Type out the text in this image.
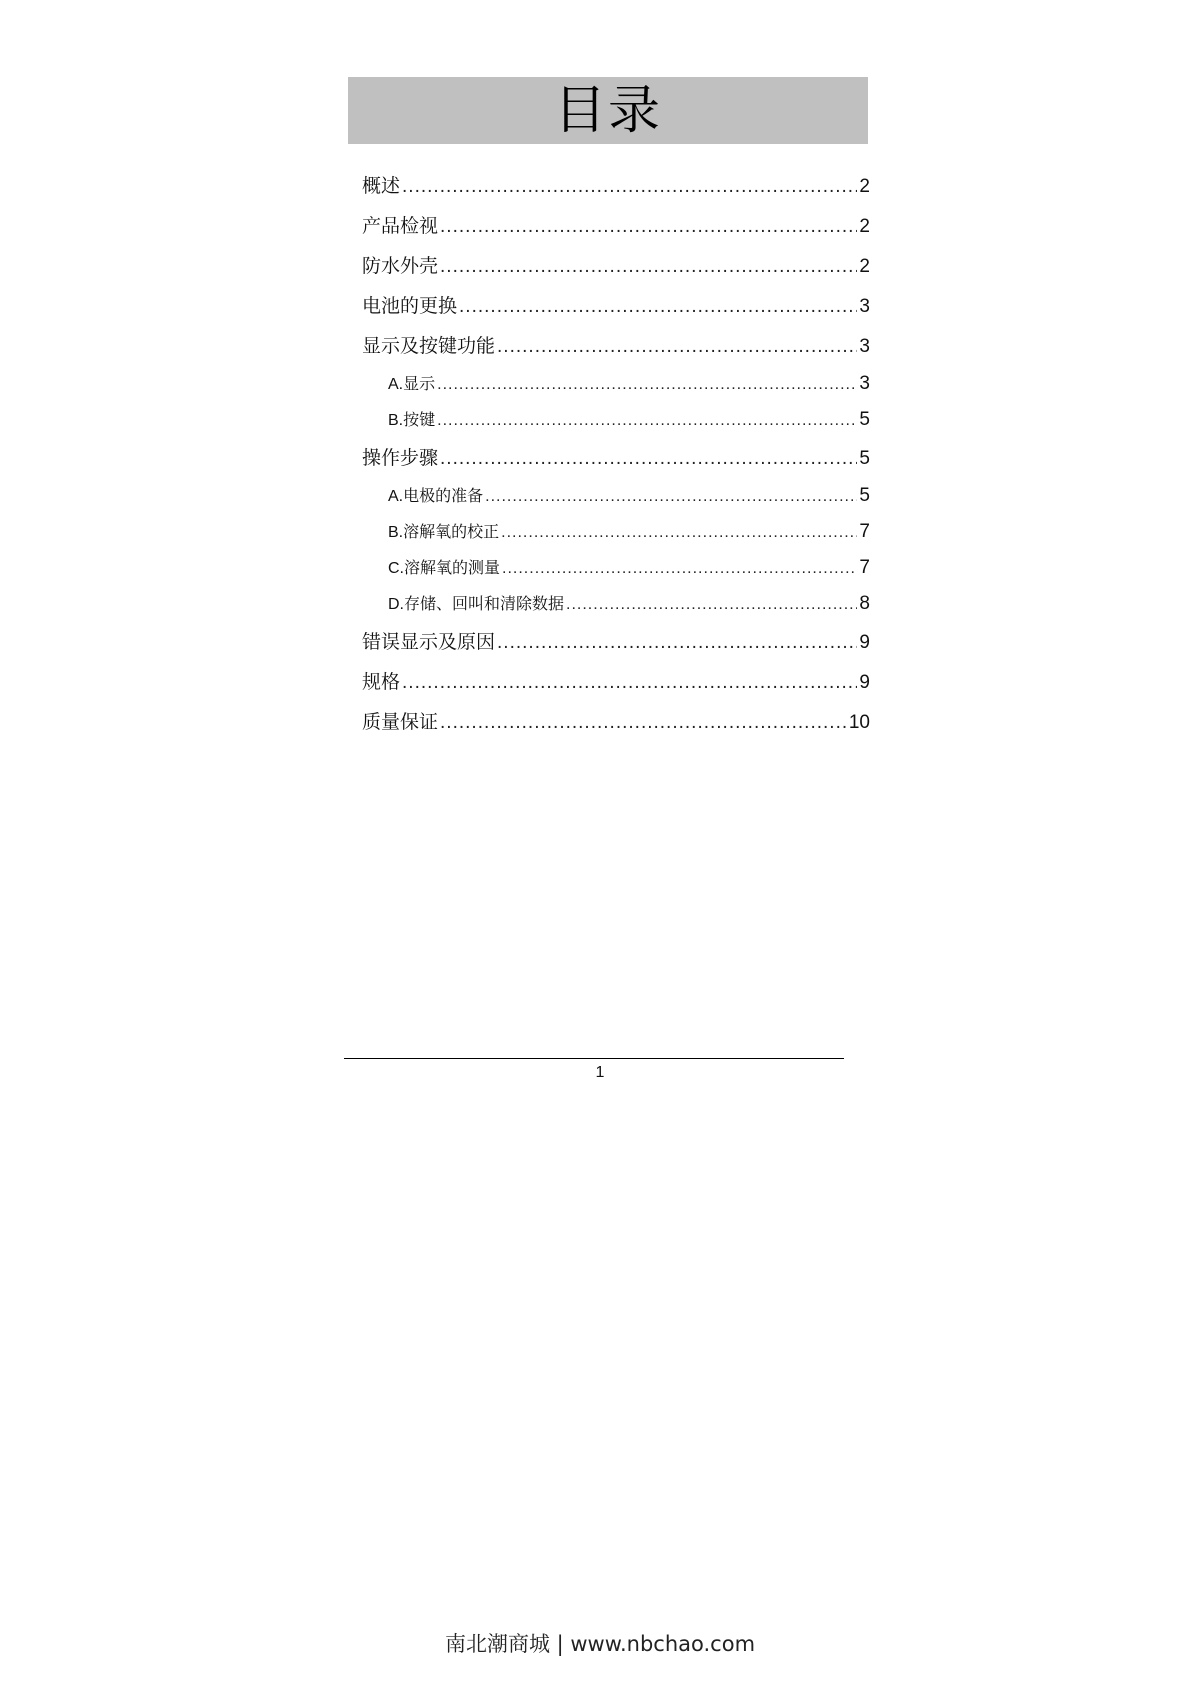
目录
概述 .....	2
产品检视 .....	2
防水外壳 .....	2
电池的更换 .....	3
显示及按键功能 .....	3
A. 显示 .....	3
B. 按键 .....	5
操作步骤 .....	5
A. 电极的准备 .....	5
B. 溶解氧的校正 .....	7
C. 溶解氧的测量 .....	7
D. 存储、回叫和清除数据 .....	8
错误显示及原因 .....	9
规格 .....	9
质量保证 .....	10
1
南北潮商城 | www.nbchao.com
